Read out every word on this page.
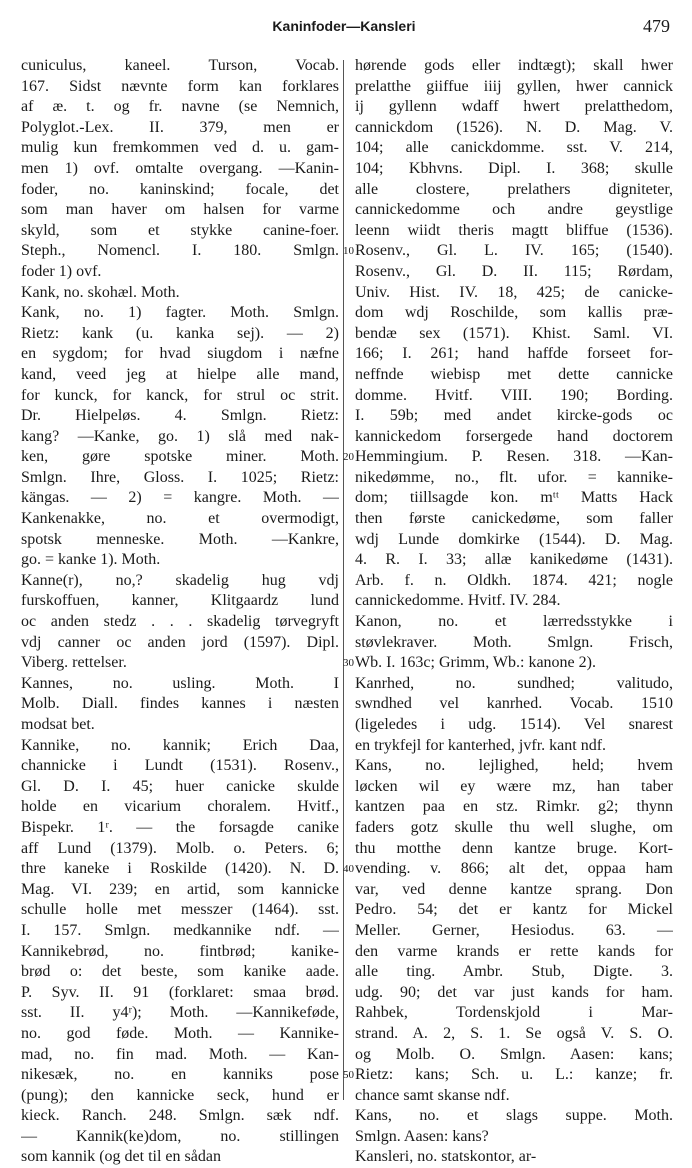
Kaninfoder—Kansleri	479
cuniculus, kaneel. Turson, Vocab.
167. Sidst nævnte form kan forklares
af æ. t. og fr. navne (se Nemnich,
Polyglot.-Lex. II. 379, men er
mulig kun fremkommen ved d. u. gam-
men 1) ovf. omtalte overgang. —Kanin-
foder, no. kaninskind; focale, det
som man haver om halsen for varme
skyld, som et stykke canine-foer.
Steph., Nomencl. I. 180. Smlgn.
foder 1) ovf.
Kank, no. skohæl. Moth.
Kank, no. 1) fagter. Moth. Smlgn.
Rietz: kank (u. kanka sej). — 2)
en sygdom; for hvad siugdom i næfne
kand, veed jeg at hielpe alle mand,
for kunck, for kanck, for strul oc strit.
Dr. Hielpeløs. 4. Smlgn. Rietz:
kang? —Kanke, go. 1) slå med nak-
ken, gøre spotske miner. Moth.
Smlgn. Ihre, Gloss. I. 1025; Rietz:
kängas. — 2) = kangre. Moth. —
Kankenakke, no. et overmodigt,
spotsk menneske. Moth. —Kankre,
go. = kanke 1). Moth.
Kanne(r), no,? skadelig hug vdj
furskoffuen, kanner, Klitgaardz lund
oc anden stedz . . . skadelig tørvegryft
vdj canner oc anden jord (1597). Dipl.
Viberg. rettelser.
Kannes, no. usling. Moth. I
Molb. Diall. findes kannes i næsten
modsat bet.
Kannike, no. kannik; Erich Daa,
channicke i Lundt (1531). Rosenv.,
Gl. D. I. 45; huer canicke skulde
holde en vicarium choralem. Hvitf.,
Bispekr. 1ʳ. — the forsagde canike
aff Lund (1379). Molb. o. Peters. 6;
thre kaneke i Roskilde (1420). N. D.
Mag. VI. 239; en artid, som kannicke
schulle holle met messzer (1464). sst.
I. 157. Smlgn. medkannike ndf. —
Kannikebrød, no. fintbrød; kanike-
brød o: det beste, som kanike aade.
P. Syv. II. 91 (forklaret: smaa brød.
sst. II. y4ʳ); Moth. —Kannikeføde,
no. god føde. Moth. — Kannike-
mad, no. fin mad. Moth. — Kan-
nikesæk, no. en kanniks pose
(pung); den kannicke seck, hund er
kieck. Ranch. 248. Smlgn. sæk ndf.
— Kannik(ke)dom, no. stillingen
som kannik (og det til en sådan
10
20
30
40
50
hørende gods eller indtægt); skall hwer
prelatthe giiffue iiij gyllen, hwer cannick
ij gyllenn wdaff hwert prelatthedom,
cannickdom (1526). N. D. Mag. V.
104; alle canickdomme. sst. V. 214,
104; Kbhvns. Dipl. I. 368; skulle
alle clostere, prelathers digniteter,
cannickedomme och andre geystlige
leenn wiidt theris magtt bliffue (1536).
Rosenv., Gl. L. IV. 165; (1540).
Rosenv., Gl. D. II. 115; Rørdam,
Univ. Hist. IV. 18, 425; de canicke-
dom wdj Roschilde, som kallis præ-
bendæ sex (1571). Khist. Saml. VI.
166; I. 261; hand haffde forseet for-
neffnde wiebisp met dette cannicke
domme. Hvitf. VIII. 190; Bording.
I. 59b; med andet kircke-gods oc
kannickedom forsergede hand doctorem
Hemmingium. P. Resen. 318. —Kan-
nikedømme, no., flt. ufor. = kannike-
dom; tiillsagde kon. mᵗᵗ Matts Hack
then første canickedøme, som faller
wdj Lunde domkirke (1544). D. Mag.
4. R. I. 33; allæ kanikedøme (1431).
Arb. f. n. Oldkh. 1874. 421; nogle
cannickedomme. Hvitf. IV. 284.
Kanon, no. et lærredsstykke i
støvlekraver. Moth. Smlgn. Frisch,
Wb. I. 163c; Grimm, Wb.: kanone 2).
Kanrhed, no. sundhed; valitudo,
swndhed vel kanrhed. Vocab. 1510
(ligeledes i udg. 1514). Vel snarest
en trykfejl for kanterhed, jvfr. kant ndf.
Kans, no. lejlighed, held; hvem
løcken wil ey wære mz, han taber
kantzen paa en stz. Rimkr. g2; thynn
faders gotz skulle thu well slughe, om
thu motthe denn kantze bruge. Kort-
vending. v. 866; alt det, oppaa ham
var, ved denne kantze sprang. Don
Pedro. 54; det er kantz for Mickel
Meller. Gerner, Hesiodus. 63. —
den varme krands er rette kands for
alle ting. Ambr. Stub, Digte. 3.
udg. 90; det var just kands for ham.
Rahbek, Tordenskjold i Mar-
strand. A. 2, S. 1. Se også V. S. O.
og Molb. O. Smlgn. Aasen: kans;
Rietz: kans; Sch. u. L.: kanze; fr.
chance samt skanse ndf.
Kans, no. et slags suppe. Moth.
Smlgn. Aasen: kans?
Kansleri, no. statskontor, ar-
